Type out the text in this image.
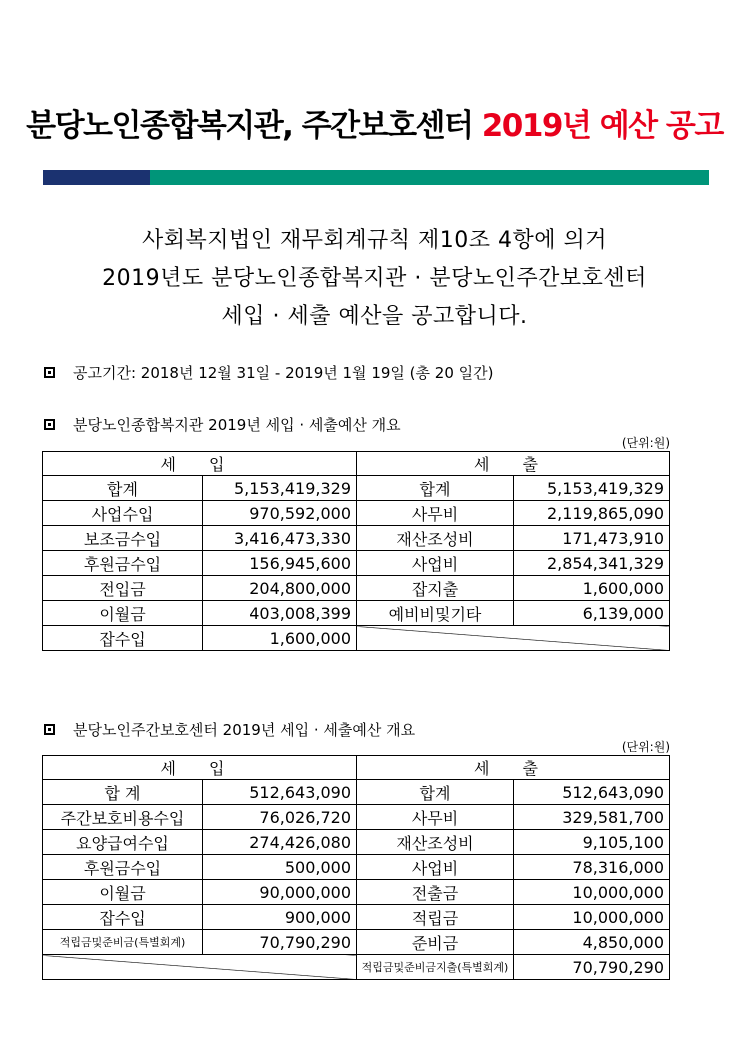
분당노인종합복지관, 주간보호센터 2019년 예산 공고
사회복지법인 재무회계규칙 제10조 4항에 의거
2019년도 분당노인종합복지관 · 분당노인주간보호센터
세입 · 세출 예산을 공고합니다.
공고기간: 2018년 12월 31일 - 2019년 1월 19일 (총 20 일간)
분당노인종합복지관 2019년 세입 · 세출예산 개요
(단위:원)
세 입		세 출	
합계	5,153,419,329	합계	5,153,419,329
사업수입	970,592,000	사무비	2,119,865,090
보조금수입	3,416,473,330	재산조성비	171,473,910
후원금수입	156,945,600	사업비	2,854,341,329
전입금	204,800,000	잡지출	1,600,000
이월금	403,008,399	예비비및기타	6,139,000
잡수입	1,600,000		
분당노인주간보호센터 2019년 세입 · 세출예산 개요
(단위:원)
세 입		세 출	
합 계	512,643,090	합계	512,643,090
주간보호비용수입	76,026,720	사무비	329,581,700
요양급여수입	274,426,080	재산조성비	9,105,100
후원금수입	500,000	사업비	78,316,000
이월금	90,000,000	전출금	10,000,000
잡수입	900,000	적립금	10,000,000
적립금및준비금(특별회계)	70,790,290	준비금	4,850,000
		적립금및준비금지출(특별회계)	70,790,290
